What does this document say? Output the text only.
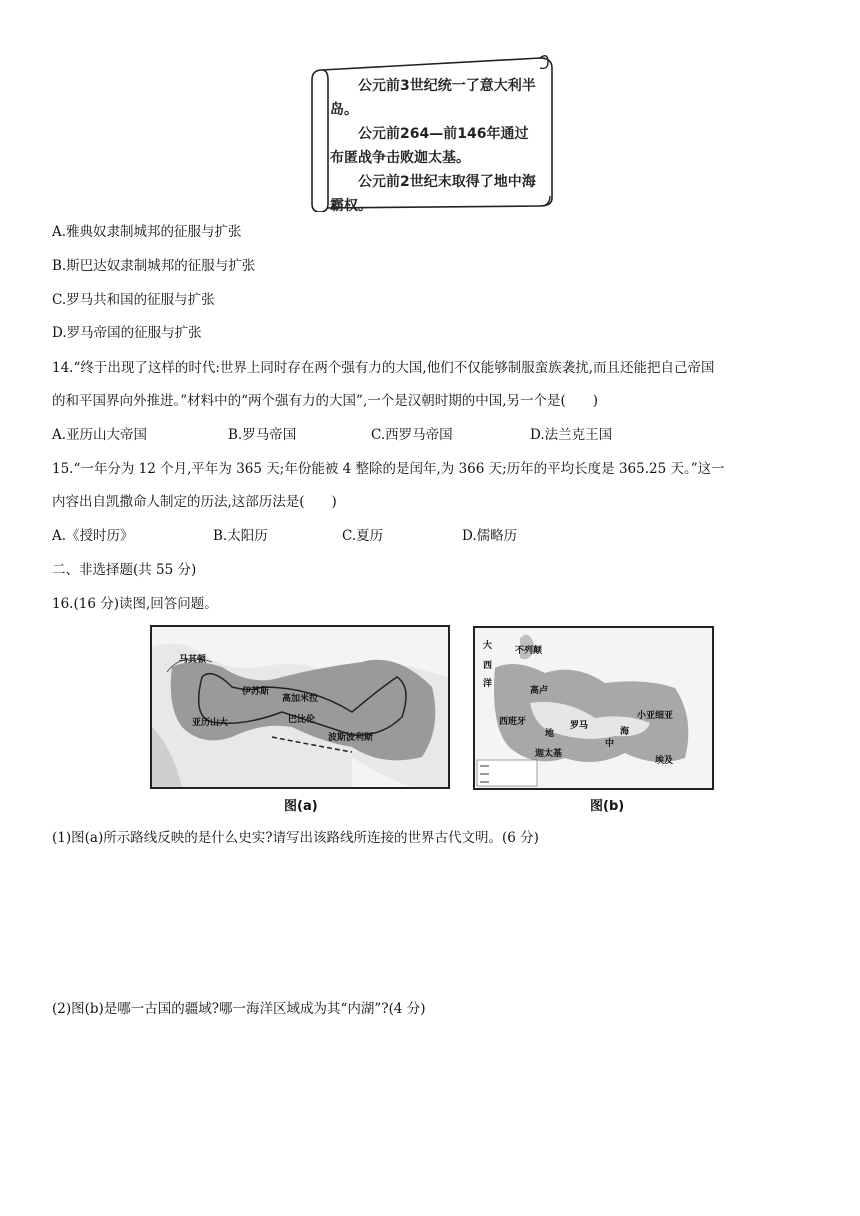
公元前3世纪统一了意大利半岛。
公元前264—前146年通过布匿战争击败迦太基。
公元前2世纪末取得了地中海霸权。
A.雅典奴隶制城邦的征服与扩张
B.斯巴达奴隶制城邦的征服与扩张
C.罗马共和国的征服与扩张
D.罗马帝国的征服与扩张
14.“终于出现了这样的时代:世界上同时存在两个强有力的大国,他们不仅能够制服蛮族袭扰,而且还能把自己帝国
的和平国界向外推进。”材料中的“两个强有力的大国”,一个是汉朝时期的中国,另一个是(　　)
A.亚历山大帝国	B.罗马帝国	C.西罗马帝国	D.法兰克王国
15.“一年分为 12 个月,平年为 365 天;年份能被 4 整除的是闰年,为 366 天;历年的平均长度是 365.25 天。”这一
内容出自凯撒命人制定的历法,这部历法是(　　)
A.《授时历》	B.太阳历	C.夏历	D.儒略历
二、非选择题(共 55 分)
16.(16 分)读图,回答问题。
马其顿
伊苏斯
高加米拉
巴比伦
亚历山大
波斯波利斯
图(a)
大
西
洋
不列颠
罗马
地
中
海
小亚细亚
西班牙
迦太基
高卢
埃及
图(b)
(1)图(a)所示路线反映的是什么史实?请写出该路线所连接的世界古代文明。(6 分)
(2)图(b)是哪一古国的疆域?哪一海洋区域成为其“内湖”?(4 分)
